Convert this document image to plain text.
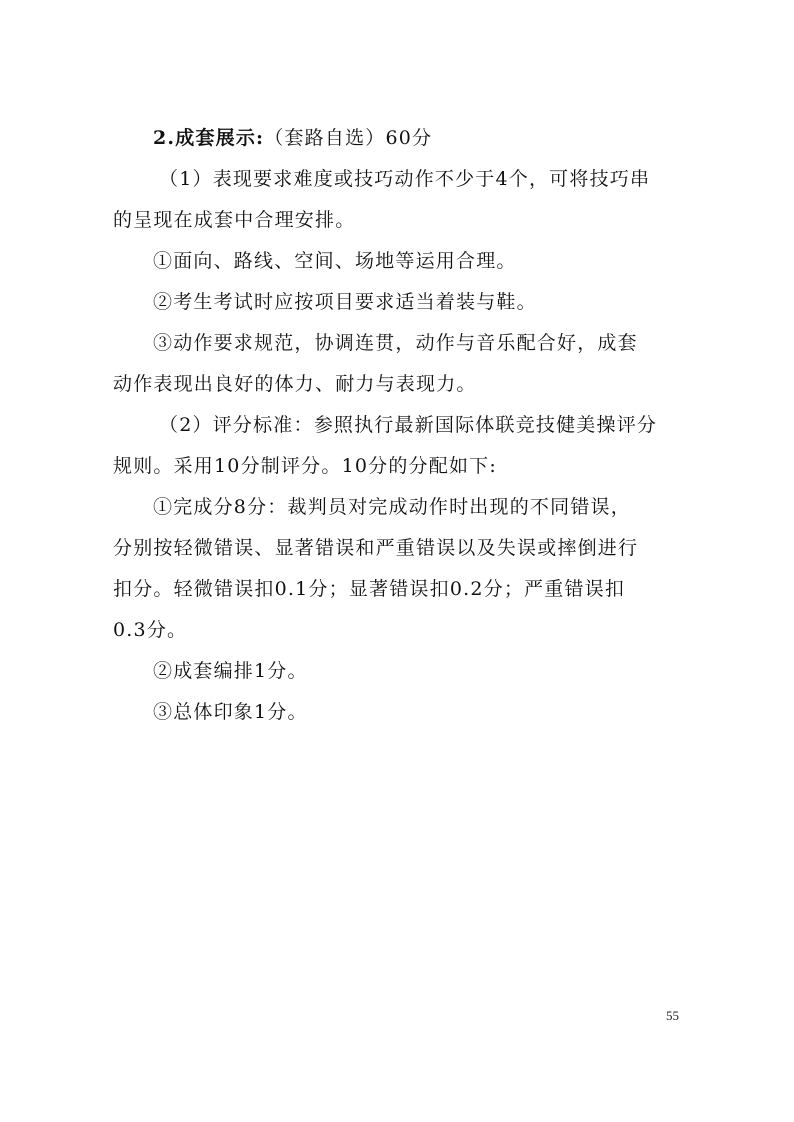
2.成套展示:（套路自选）60分
（1）表现要求难度或技巧动作不少于4个，可将技巧串
的呈现在成套中合理安排。
①面向、路线、空间、场地等运用合理。
②考生考试时应按项目要求适当着装与鞋。
③动作要求规范，协调连贯，动作与音乐配合好，成套
动作表现出良好的体力、耐力与表现力。
（2）评分标准：参照执行最新国际体联竞技健美操评分
规则。采用10分制评分。10分的分配如下:
①完成分8分：裁判员对完成动作时出现的不同错误，
分别按轻微错误、显著错误和严重错误以及失误或摔倒进行
扣分。轻微错误扣0.1分；显著错误扣0.2分；严重错误扣
0.3分。
②成套编排1分。
③总体印象1分。
55
